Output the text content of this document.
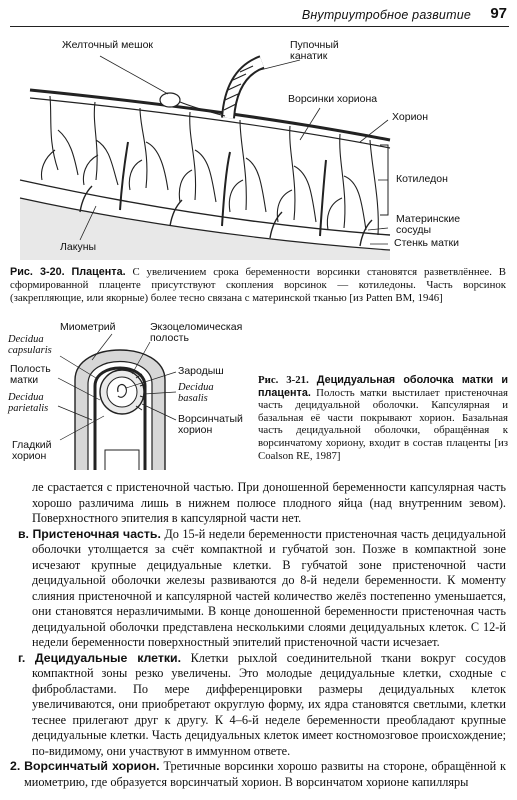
Внутриутробное развитие 97
Желточный мешок	Пупочный канатик
Ворсинки хориона
Хорион
Котиледон
Материнские сосуды
Стенкь матки
Лакуны
Рис. 3-20. Плацента. С увеличением срока беременности ворсинки становятся разветвлённее. В сформированной плаценте присутствуют скопления ворсинок — котиледоны. Часть ворсинок (закрепляющие, или якорные) более тесно связана с материнской тканью [из Patten BM, 1946]
Миометрий	Экзоцеломическая полость
Decidua capsularis
Полость матки
Decidua parietalis
Зародыш
Decidua basalis
Ворсинчатый хорион
Гладкий хорион
Рис. 3-21. Децидуальная оболочка матки и плацента. Полость матки выстилает пристеночная часть децидуальной оболочки. Капсулярная и базальная её части покрывают хорион. Базальная часть децидуальной оболочки, обращённая к ворсинчатому хориону, входит в состав плаценты [из Coalson RE, 1987]

ле срастается с пристеночной частью. При доношенной беременности капсулярная часть хорошо различима лишь в нижнем полюсе плодного яйца (над внутренним зевом). Поверхностного эпителия в капсулярной части нет.

в. Пристеночная часть. До 15-й недели беременности пристеночная часть децидуальной оболочки утолщается за счёт компактной и губчатой зон. Позже в компактной зоне исчезают крупные децидуальные клетки. В губчатой зоне пристеночной части децидуальной оболочки железы развиваются до 8-й недели беременности. К моменту слияния пристеночной и капсулярной частей количество желёз постепенно уменьшается, они становятся неразличимыми. В конце доношенной беременности пристеночная часть децидуальной оболочки представлена несколькими слоями децидуальных клеток. С 12-й недели беременности поверхностный эпителий пристеночной части исчезает.

г. Децидуальные клетки. Клетки рыхлой соединительной ткани вокруг сосудов компактной зоны резко увеличены. Это молодые децидуальные клетки, сходные с фибробластами. По мере дифференцировки размеры децидуальных клеток увеличиваются, они приобретают округлую форму, их ядра становятся светлыми, клетки теснее прилегают друг к другу. К 4–6-й неделе беременности преобладают крупные децидуальные клетки. Часть децидуальных клеток имеет костномозговое происхождение; по-видимому, они участвуют в иммунном ответе.

2. Ворсинчатый хорион. Третичные ворсинки хорошо развиты на стороне, обращённой к миометрию, где образуется ворсинчатый хорион. В ворсинчатом хорионе капилляры
